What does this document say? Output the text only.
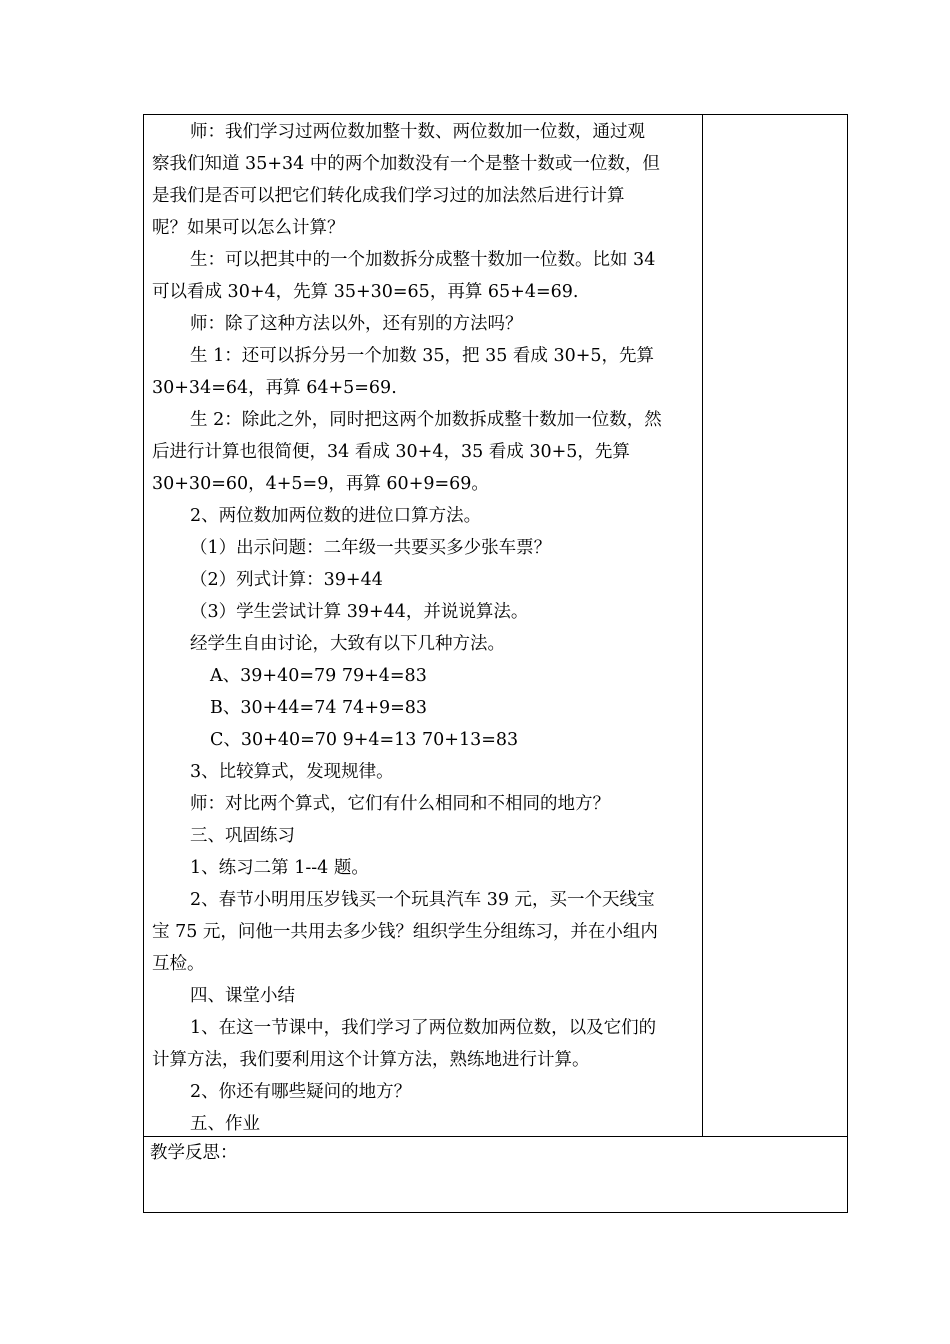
师：我们学习过两位数加整十数、两位数加一位数，通过观
察我们知道 35+34 中的两个加数没有一个是整十数或一位数，但
是我们是否可以把它们转化成我们学习过的加法然后进行计算
呢？如果可以怎么计算？
生：可以把其中的一个加数拆分成整十数加一位数。比如 34
可以看成 30+4，先算 35+30=65，再算 65+4=69.
师：除了这种方法以外，还有别的方法吗？
生 1：还可以拆分另一个加数 35，把 35 看成 30+5，先算
30+34=64，再算 64+5=69.
生 2：除此之外，同时把这两个加数拆成整十数加一位数，然
后进行计算也很简便，34 看成 30+4，35 看成 30+5，先算
30+30=60，4+5=9，再算 60+9=69。
2、两位数加两位数的进位口算方法。
（1）出示问题：二年级一共要买多少张车票？
（2）列式计算：39+44
（3）学生尝试计算 39+44，并说说算法。
经学生自由讨论，大致有以下几种方法。
A、39+40=79 79+4=83
B、30+44=74 74+9=83
C、30+40=70 9+4=13 70+13=83
3、比较算式，发现规律。
师：对比两个算式，它们有什么相同和不相同的地方？
三、巩固练习
1、练习二第 1--4 题。
2、春节小明用压岁钱买一个玩具汽车 39 元，买一个天线宝
宝 75 元，问他一共用去多少钱？组织学生分组练习，并在小组内
互检。
四、课堂小结
1、在这一节课中，我们学习了两位数加两位数，以及它们的
计算方法，我们要利用这个计算方法，熟练地进行计算。
2、你还有哪些疑问的地方？
五、作业
教学反思：
